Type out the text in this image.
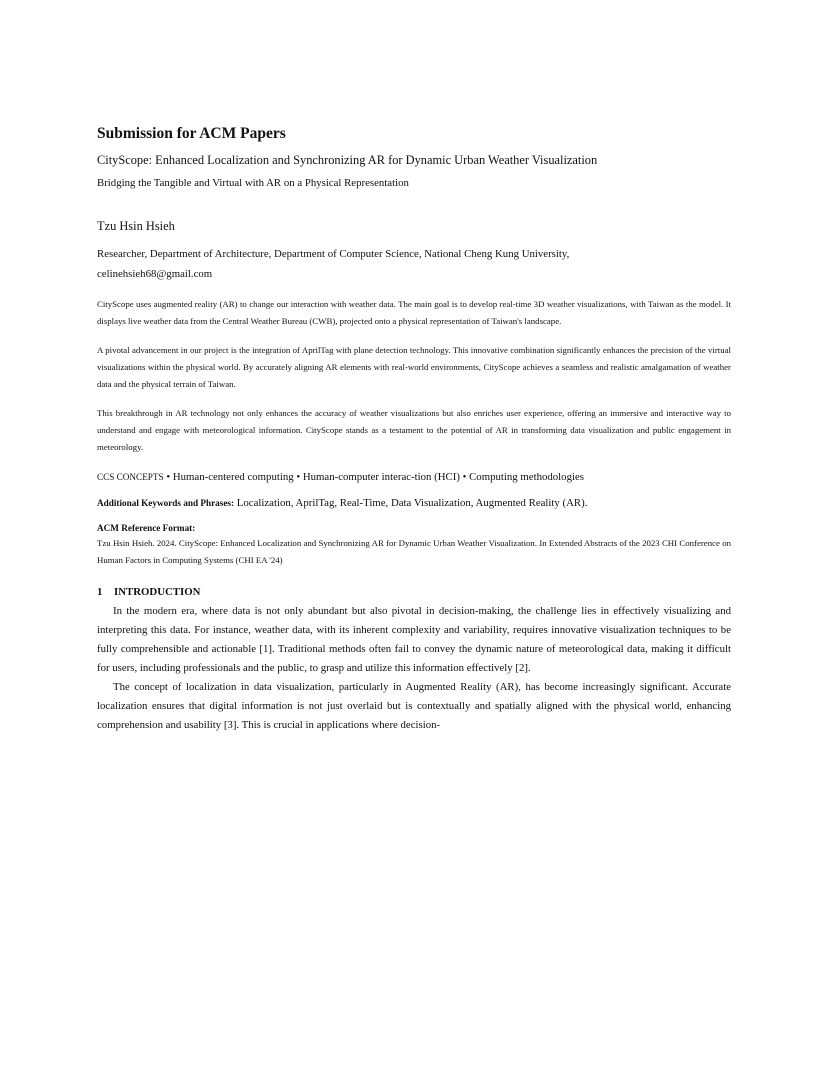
Submission for ACM Papers
CityScope: Enhanced Localization and Synchronizing AR for Dynamic Urban Weather Visualization
Bridging the Tangible and Virtual with AR on a Physical Representation
Tzu Hsin Hsieh
Researcher, Department of Architecture, Department of Computer Science, National Cheng Kung University,
celinehsieh68@gmail.com

CityScope uses augmented reality (AR) to change our interaction with weather data. The main goal is to develop real-time 3D weather visualizations, with Taiwan as the model. It displays live weather data from the Central Weather Bureau (CWB), projected onto a physical representation of Taiwan's landscape.

A pivotal advancement in our project is the integration of AprilTag with plane detection technology. This innovative combination significantly enhances the precision of the virtual visualizations within the physical world. By accurately aligning AR elements with real-world environments, CityScope achieves a seamless and realistic amalgamation of weather data and the physical terrain of Taiwan.

This breakthrough in AR technology not only enhances the accuracy of weather visualizations but also enriches user experience, offering an immersive and interactive way to understand and engage with meteorological information. CityScope stands as a testament to the potential of AR in transforming data visualization and public engagement in meteorology.

CCS CONCEPTS • Human-centered computing • Human-computer interac-tion (HCI) • Computing methodologies
Additional Keywords and Phrases: Localization, AprilTag, Real-Time, Data Visualization, Augmented Reality (AR).
ACM Reference Format:

Tzu Hsin Hsieh. 2024. CityScope: Enhanced Localization and Synchronizing AR for Dynamic Urban Weather Visualization. In Extended Abstracts of the 2023 CHI Conference on Human Factors in Computing Systems (CHI EA '24)

1 INTRODUCTION

In the modern era, where data is not only abundant but also pivotal in decision-making, the challenge lies in effectively visualizing and interpreting this data. For instance, weather data, with its inherent complexity and variability, requires innovative visualization techniques to be fully comprehensible and actionable [1]. Traditional methods often fail to convey the dynamic nature of meteorological data, making it difficult for users, including professionals and the public, to grasp and utilize this information effectively [2].

The concept of localization in data visualization, particularly in Augmented Reality (AR), has become increasingly significant. Accurate localization ensures that digital information is not just overlaid but is contextually and spatially aligned with the physical world, enhancing comprehension and usability [3]. This is crucial in applications where decision-
